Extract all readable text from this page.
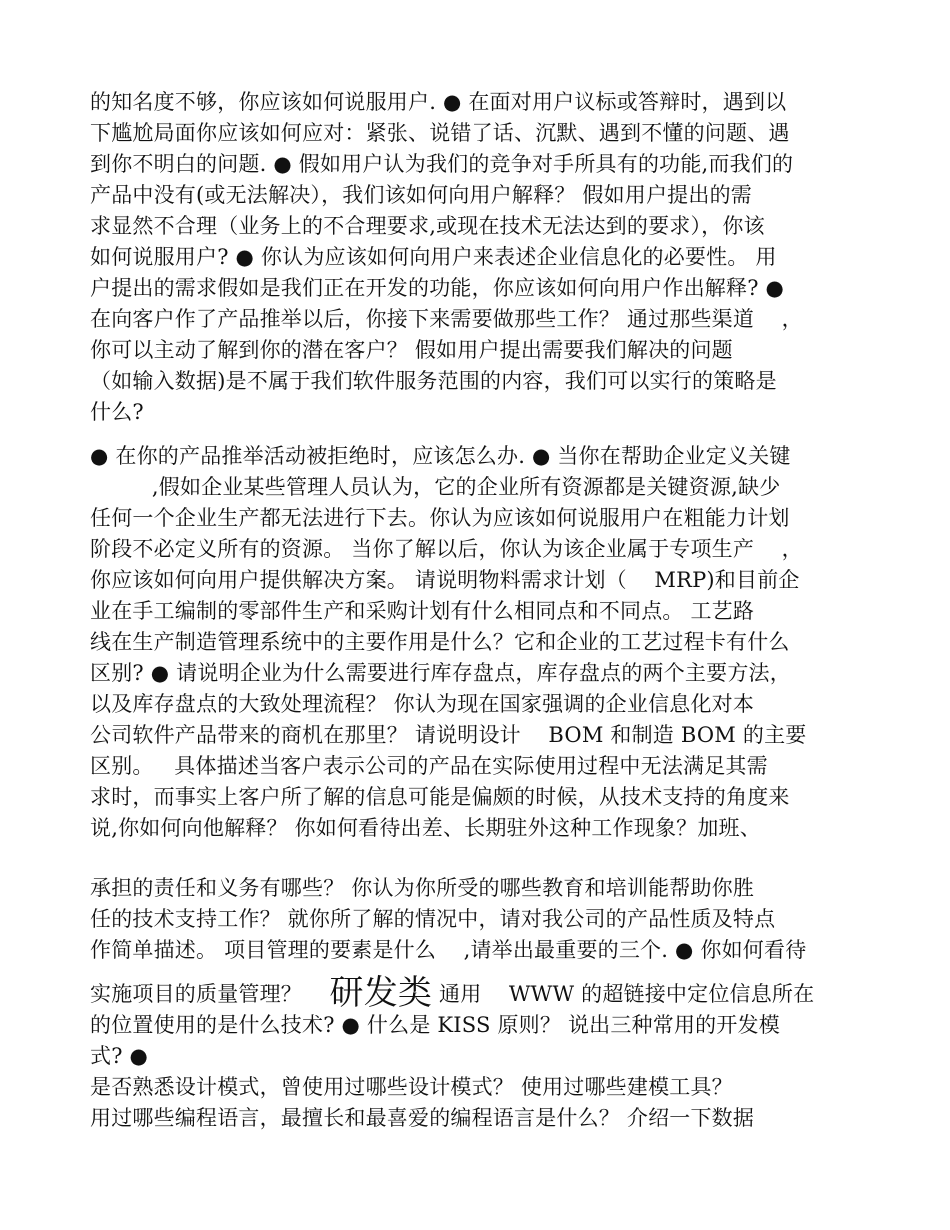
的知名度不够，你应该如何说服用户. ● 在面对用户议标或答辩时，遇到以
下尴尬局面你应该如何应对：紧张、说错了话、沉默、遇到不懂的问题、遇
到你不明白的问题. ● 假如用户认为我们的竞争对手所具有的功能,而我们的
产品中没有(或无法解决），我们该如何向用户解释？ 假如用户提出的需
求显然不合理（业务上的不合理要求,或现在技术无法达到的要求），你该
如何说服用户? ● 你认为应该如何向用户来表述企业信息化的必要性。 用
户提出的需求假如是我们正在开发的功能，你应该如何向用户作出解释? ●
在向客户作了产品推举以后，你接下来需要做那些工作？ 通过那些渠道    ，
你可以主动了解到你的潜在客户？ 假如用户提出需要我们解决的问题
（如输入数据)是不属于我们软件服务范围的内容，我们可以实行的策略是
什么?
● 在你的产品推举活动被拒绝时，应该怎么办. ● 当你在帮助企业定义关键
,假如企业某些管理人员认为，它的企业所有资源都是关键资源,缺少
任何一个企业生产都无法进行下去。你认为应该如何说服用户在粗能力计划
阶段不必定义所有的资源。 当你了解以后，你认为该企业属于专项生产    ，
你应该如何向用户提供解决方案。 请说明物料需求计划（    MRP)和目前企
业在手工编制的零部件生产和采购计划有什么相同点和不同点。 工艺路
线在生产制造管理系统中的主要作用是什么？它和企业的工艺过程卡有什么
区别? ● 请说明企业为什么需要进行库存盘点，库存盘点的两个主要方法，
以及库存盘点的大致处理流程？ 你认为现在国家强调的企业信息化对本
公司软件产品带来的商机在那里？ 请说明设计    BOM 和制造 BOM 的主要
区别。   具体描述当客户表示公司的产品在实际使用过程中无法满足其需
求时，而事实上客户所了解的信息可能是偏颇的时候，从技术支持的角度来
说,你如何向他解释？ 你如何看待出差、长期驻外这种工作现象？加班、
承担的责任和义务有哪些？ 你认为你所受的哪些教育和培训能帮助你胜
任的技术支持工作？ 就你所了解的情况中，请对我公司的产品性质及特点
作简单描述。 项目管理的要素是什么    ,请举出最重要的三个. ● 你如何看待
实施项目的质量管理？    研发类 通用    WWW 的超链接中定位信息所在
的位置使用的是什么技术? ● 什么是 KISS 原则？ 说出三种常用的开发模
式? ●
是否熟悉设计模式，曾使用过哪些设计模式？ 使用过哪些建模工具？
用过哪些编程语言，最擅长和最喜爱的编程语言是什么？ 介绍一下数据
